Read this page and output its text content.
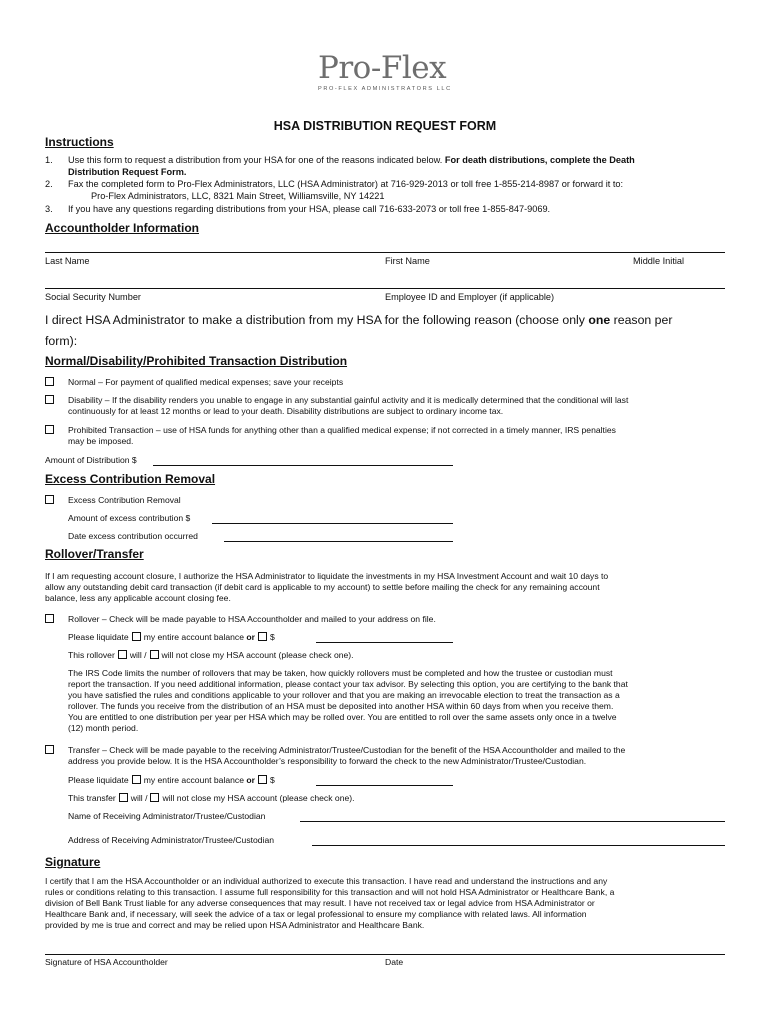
Pro-Flex
PRO-FLEX ADMINISTRATORS LLC
HSA DISTRIBUTION REQUEST FORM
Instructions
1. Use this form to request a distribution from your HSA for one of the reasons indicated below. For death distributions, complete the Death
Distribution Request Form.
2. Fax the completed form to Pro-Flex Administrators, LLC (HSA Administrator) at 716-929-2013 or toll free 1-855-214-8987 or forward it to:
Pro-Flex Administrators, LLC, 8321 Main Street, Williamsville, NY 14221
3. If you have any questions regarding distributions from your HSA, please call 716-633-2073 or toll free 1-855-847-9069.
Accountholder Information
Last Name	First Name	Middle Initial
Social Security Number	Employee ID and Employer (if applicable)
I direct HSA Administrator to make a distribution from my HSA for the following reason (choose only one reason per
form):
Normal/Disability/Prohibited Transaction Distribution
Normal – For payment of qualified medical expenses; save your receipts
Disability – If the disability renders you unable to engage in any substantial gainful activity and it is medically determined that the conditional will last
continuously for at least 12 months or lead to your death. Disability distributions are subject to ordinary income tax.
Prohibited Transaction – use of HSA funds for anything other than a qualified medical expense; if not corrected in a timely manner, IRS penalties
may be imposed.
Amount of Distribution $
Excess Contribution Removal
Excess Contribution Removal
Amount of excess contribution $
Date excess contribution occurred
Rollover/Transfer
If I am requesting account closure, I authorize the HSA Administrator to liquidate the investments in my HSA Investment Account and wait 10 days to
allow any outstanding debit card transaction (if debit card is applicable to my account) to settle before mailing the check for any remaining account
balance, less any applicable account closing fee.
Rollover – Check will be made payable to HSA Accountholder and mailed to your address on file.
Please liquidate my entire account balance or $
This rollover will / will not close my HSA account (please check one).
The IRS Code limits the number of rollovers that may be taken, how quickly rollovers must be completed and how the trustee or custodian must
report the transaction. If you need additional information, please contact your tax advisor. By selecting this option, you are certifying to the bank that
you have satisfied the rules and conditions applicable to your rollover and that you are making an irrevocable election to treat the transaction as a
rollover. The funds you receive from the distribution of an HSA must be deposited into another HSA within 60 days from when you receive them.
You are entitled to one distribution per year per HSA which may be rolled over. You are entitled to roll over the same assets only once in a twelve
(12) month period.
Transfer – Check will be made payable to the receiving Administrator/Trustee/Custodian for the benefit of the HSA Accountholder and mailed to the
address you provide below. It is the HSA Accountholder’s responsibility to forward the check to the new Administrator/Trustee/Custodian.
Please liquidate my entire account balance or $
This transfer will / will not close my HSA account (please check one).
Name of Receiving Administrator/Trustee/Custodian
Address of Receiving Administrator/Trustee/Custodian
Signature
I certify that I am the HSA Accountholder or an individual authorized to execute this transaction. I have read and understand the instructions and any
rules or conditions relating to this transaction. I assume full responsibility for this transaction and will not hold HSA Administrator or Healthcare Bank, a
division of Bell Bank Trust liable for any adverse consequences that may result. I have not received tax or legal advice from HSA Administrator or
Healthcare Bank and, if necessary, will seek the advice of a tax or legal professional to ensure my compliance with related laws. All information
provided by me is true and correct and may be relied upon HSA Administrator and Healthcare Bank.
Signature of HSA Accountholder	Date
